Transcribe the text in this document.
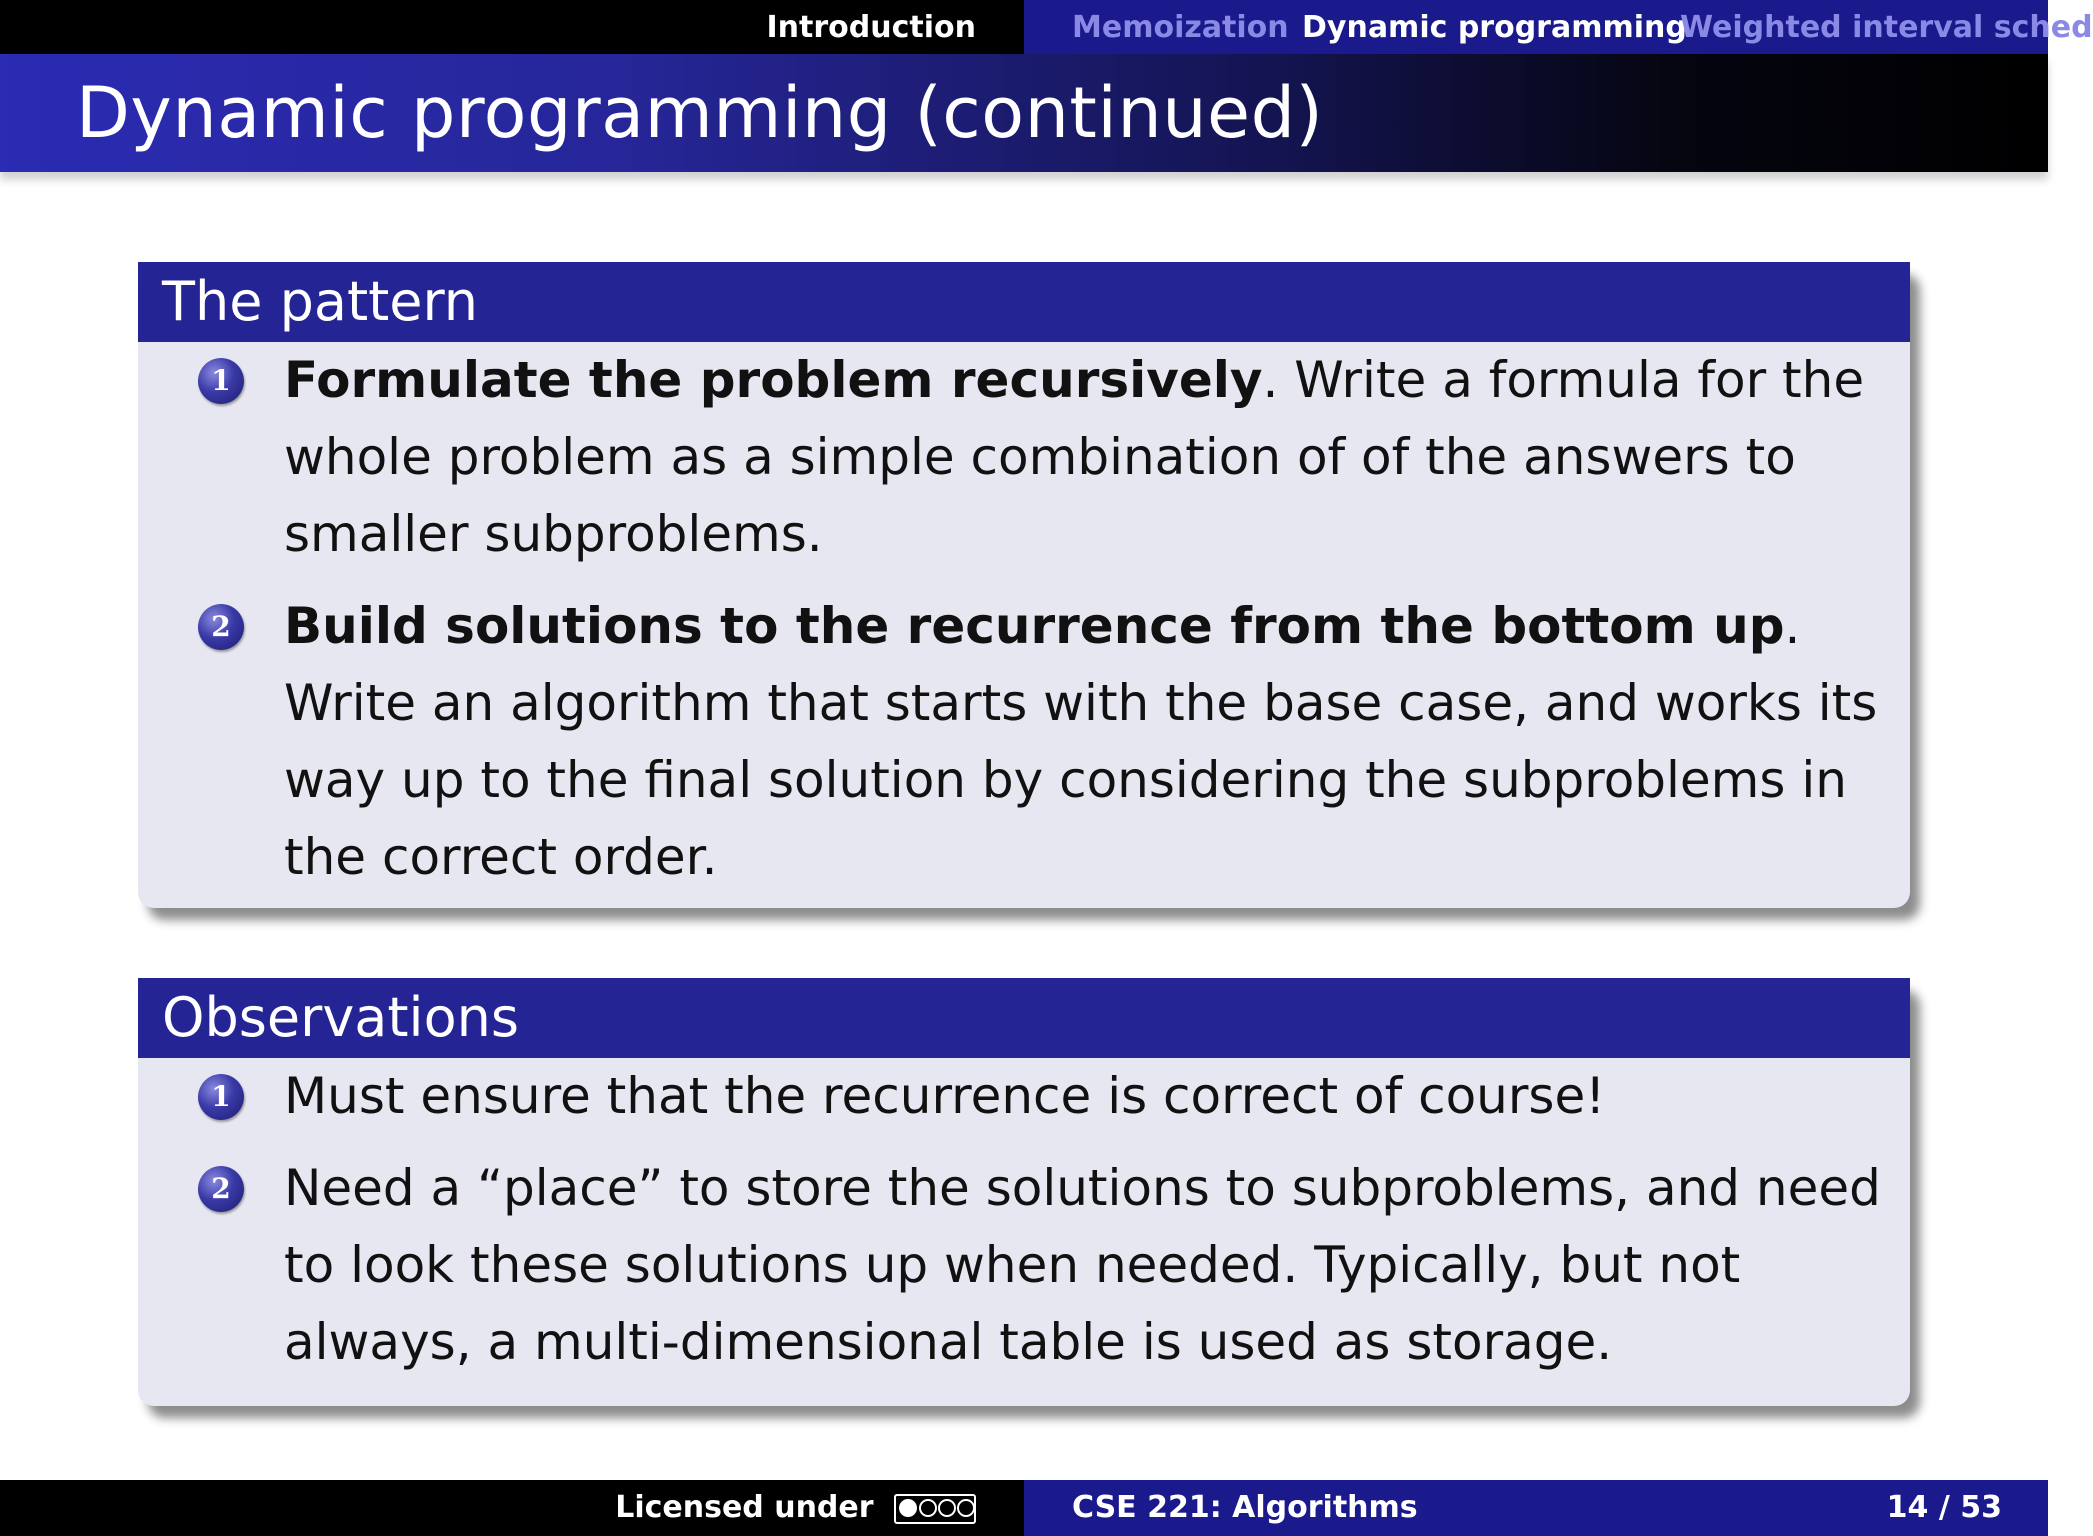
Introduction	Memoization Dynamic programming
Weighted interval sched
Dynamic programming (continued)
The pattern
1 Formulate the problem recursively. Write a formula for the whole problem as a simple combination of of the answers to smaller subproblems.
2 Build solutions to the recurrence from the bottom up. Write an algorithm that starts with the base case, and works its way up to the final solution by considering the subproblems in the correct order.
Observations
1 Must ensure that the recurrence is correct of course!
2 Need a “place” to store the solutions to subproblems, and need to look these solutions up when needed. Typically, but not always, a multi-dimensional table is used as storage.
Licensed under	CSE 221: Algorithms	14 / 53
